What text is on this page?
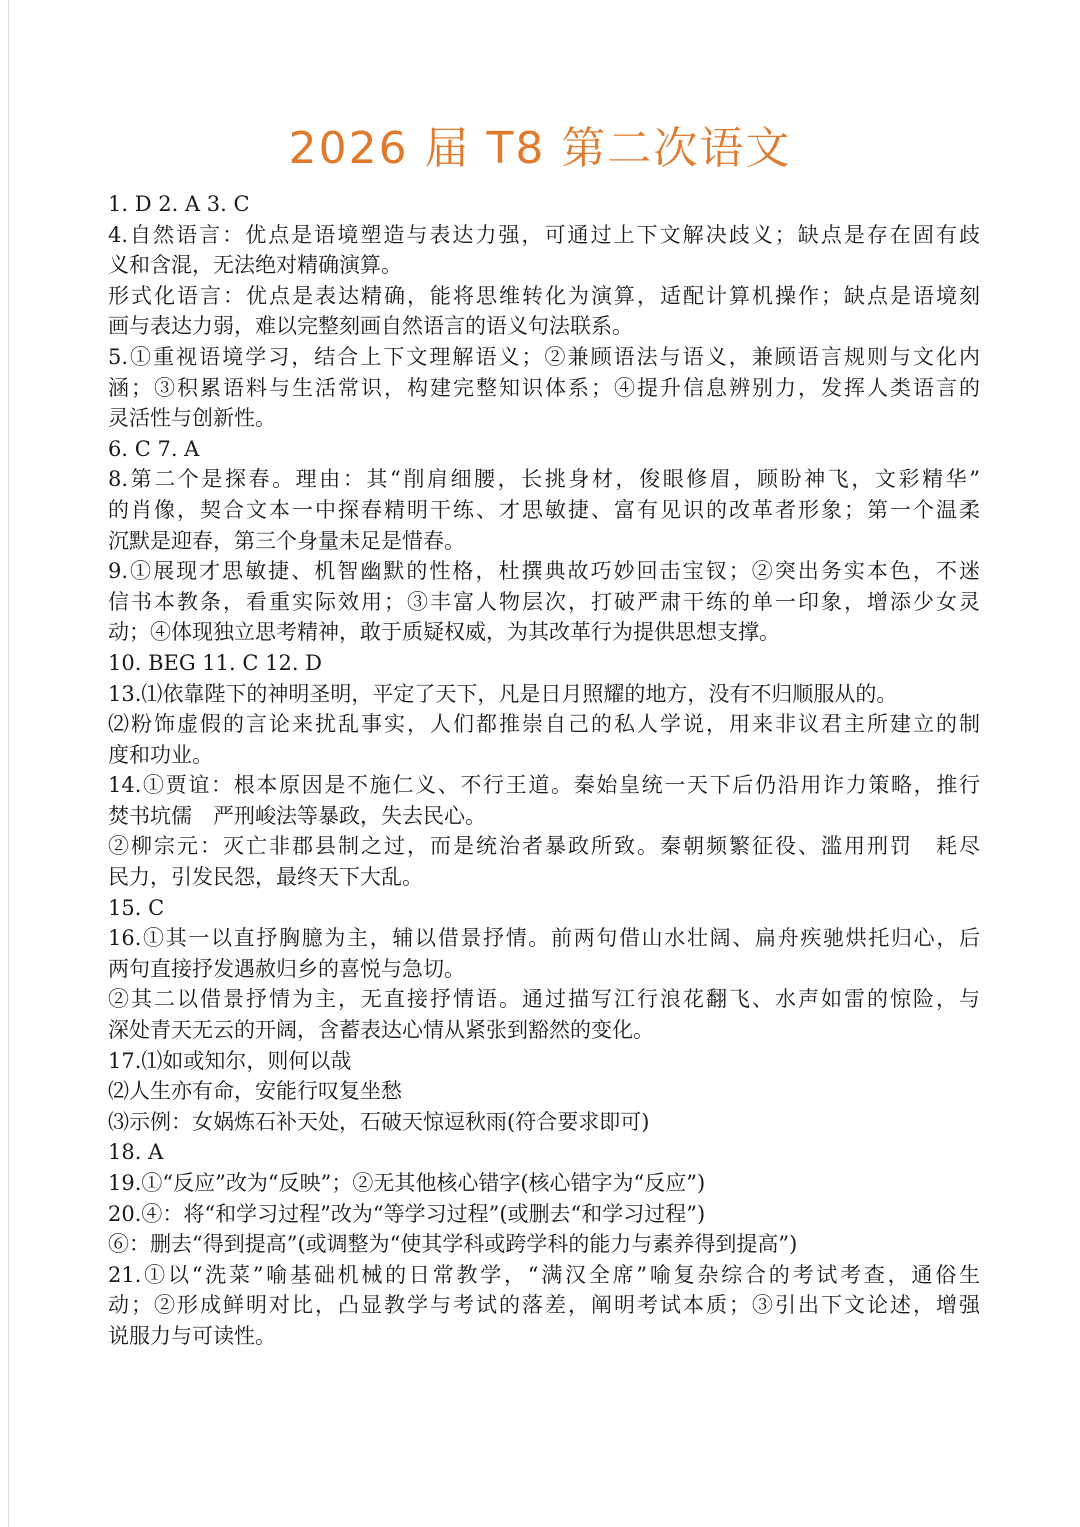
2026 届 T8 第二次语文
1. D 2. A 3. C
4.自然语言：优点是语境塑造与表达力强，可通过上下文解决歧义；缺点是存在固有歧
义和含混，无法绝对精确演算。
形式化语言：优点是表达精确，能将思维转化为演算，适配计算机操作；缺点是语境刻
画与表达力弱，难以完整刻画自然语言的语义句法联系。
5.①重视语境学习，结合上下文理解语义；②兼顾语法与语义，兼顾语言规则与文化内
涵；③积累语料与生活常识，构建完整知识体系；④提升信息辨别力，发挥人类语言的
灵活性与创新性。
6. C 7. A
8.第二个是探春。理由：其“削肩细腰，长挑身材，俊眼修眉，顾盼神飞，文彩精华”
的肖像，契合文本一中探春精明干练、才思敏捷、富有见识的改革者形象；第一个温柔
沉默是迎春，第三个身量未足是惜春。
9.①展现才思敏捷、机智幽默的性格，杜撰典故巧妙回击宝钗；②突出务实本色，不迷
信书本教条，看重实际效用；③丰富人物层次，打破严肃干练的单一印象，增添少女灵
动；④体现独立思考精神，敢于质疑权威，为其改革行为提供思想支撑。
10. BEG 11. C 12. D
13.⑴依靠陛下的神明圣明，平定了天下，凡是日月照耀的地方，没有不归顺服从的。
⑵粉饰虚假的言论来扰乱事实，人们都推崇自己的私人学说，用来非议君主所建立的制
度和功业。
14.①贾谊：根本原因是不施仁义、不行王道。秦始皇统一天下后仍沿用诈力策略，推行
焚书坑儒　严刑峻法等暴政，失去民心。
②柳宗元：灭亡非郡县制之过，而是统治者暴政所致。秦朝频繁征役、滥用刑罚　耗尽
民力，引发民怨，最终天下大乱。
15. C
16.①其一以直抒胸臆为主，辅以借景抒情。前两句借山水壮阔、扁舟疾驰烘托归心，后
两句直接抒发遇赦归乡的喜悦与急切。
②其二以借景抒情为主，无直接抒情语。通过描写江行浪花翻飞、水声如雷的惊险，与
深处青天无云的开阔，含蓄表达心情从紧张到豁然的变化。
17.⑴如或知尔，则何以哉
⑵人生亦有命，安能行叹复坐愁
⑶示例：女娲炼石补天处，石破天惊逗秋雨(符合要求即可)
18. A
19.①“反应”改为“反映”；②无其他核心错字(核心错字为“反应”)
20.④：将“和学习过程”改为“等学习过程”(或删去“和学习过程”)
⑥：删去“得到提高”(或调整为“使其学科或跨学科的能力与素养得到提高”)
21.①以“洗菜”喻基础机械的日常教学，“满汉全席”喻复杂综合的考试考查，通俗生
动；②形成鲜明对比，凸显教学与考试的落差，阐明考试本质；③引出下文论述，增强
说服力与可读性。
